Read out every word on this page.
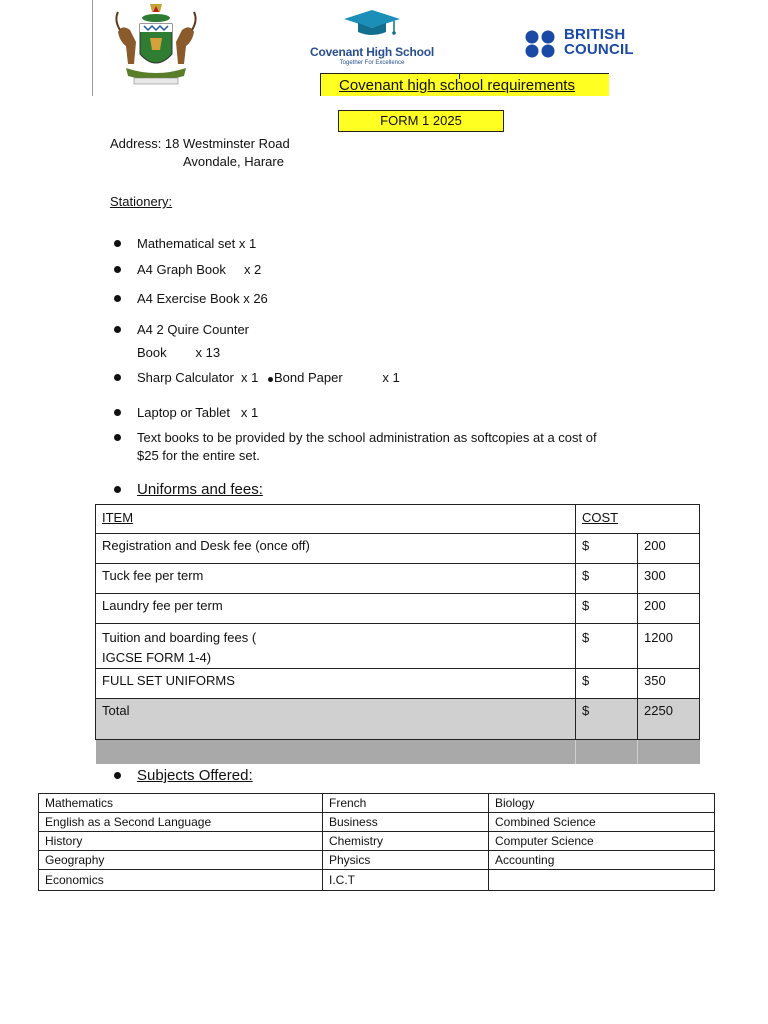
Covenant High School
Together For Excellence
BRITISH
COUNCIL
Covenant high school requirements
FORM 1 2025
Address: 18 Westminster Road
Avondale, Harare
Stationery:
Mathematical set x 1
A4 Graph Book     x 2
A4 Exercise Book x 26
A4 2 Quire Counter
Book        x 13
Sharp Calculator  x 1 Bond Paper           x 1
Laptop or Tablet   x 1
Text books to be provided by the school administration as softcopies at a cost of
$25 for the entire set.
Uniforms and fees:
ITEM	COST	
Registration and Desk fee (once off)	$	200
Tuck fee per term	$	300
Laundry fee per term	$	200

Tuition and boarding fees (
IGCSE FORM 1-4)	$	1200
FULL SET UNIFORMS	$	350
Total	$	2250

Subjects Offered:
Mathematics	French	Biology
English as a Second Language	Business	Combined Science
History	Chemistry	Computer Science
Geography	Physics	Accounting
Economics	I.C.T	
